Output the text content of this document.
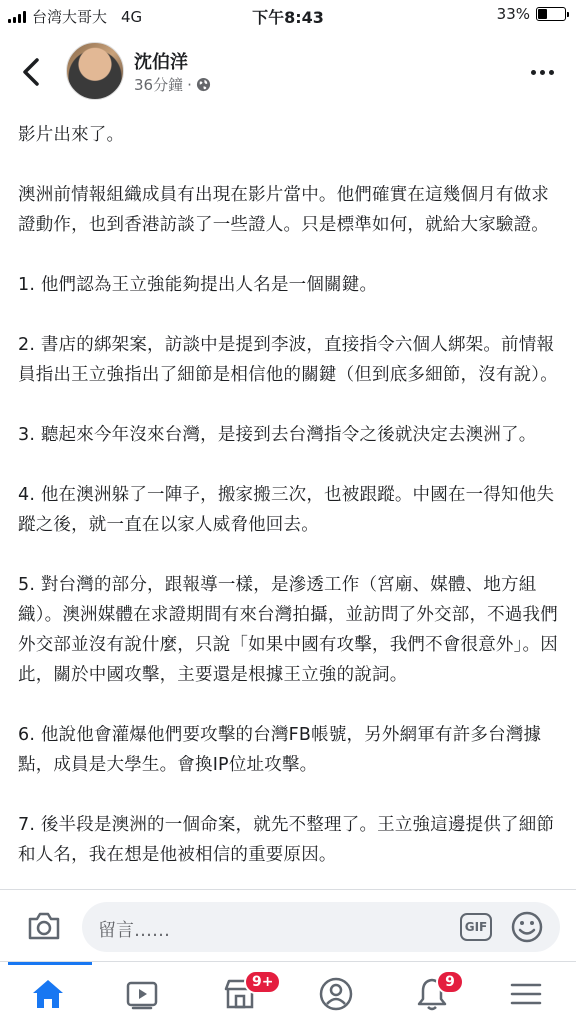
台湾大哥大 4G	下午8:43	33%
沈伯洋
36分鐘 ·

影片出來了。

澳洲前情報組織成員有出現在影片當中。他們確實在這幾個月有做求證動作，也到香港訪談了一些證人。只是標準如何，就給大家驗證。

1. 他們認為王立強能夠提出人名是一個關鍵。

2. 書店的綁架案，訪談中是提到李波，直接指令六個人綁架。前情報員指出王立強指出了細節是相信他的關鍵（但到底多細節，沒有說）。

3. 聽起來今年沒來台灣，是接到去台灣指令之後就決定去澳洲了。

4. 他在澳洲躲了一陣子，搬家搬三次，也被跟蹤。中國在一得知他失蹤之後，就一直在以家人威脅他回去。

5. 對台灣的部分，跟報導一樣，是滲透工作（宮廟、媒體、地方組織）。澳洲媒體在求證期間有來台灣拍攝，並訪問了外交部，不過我們外交部並沒有說什麼，只說「如果中國有攻擊，我們不會很意外」。因此，關於中國攻擊，主要還是根據王立強的說詞。

6. 他說他會灌爆他們要攻擊的台灣FB帳號，另外網軍有許多台灣據點，成員是大學生。會換IP位址攻擊。

7. 後半段是澳洲的一個命案，就先不整理了。王立強這邊提供了細節和人名，我在想是他被相信的重要原因。

留言……	GIF
9+	9
